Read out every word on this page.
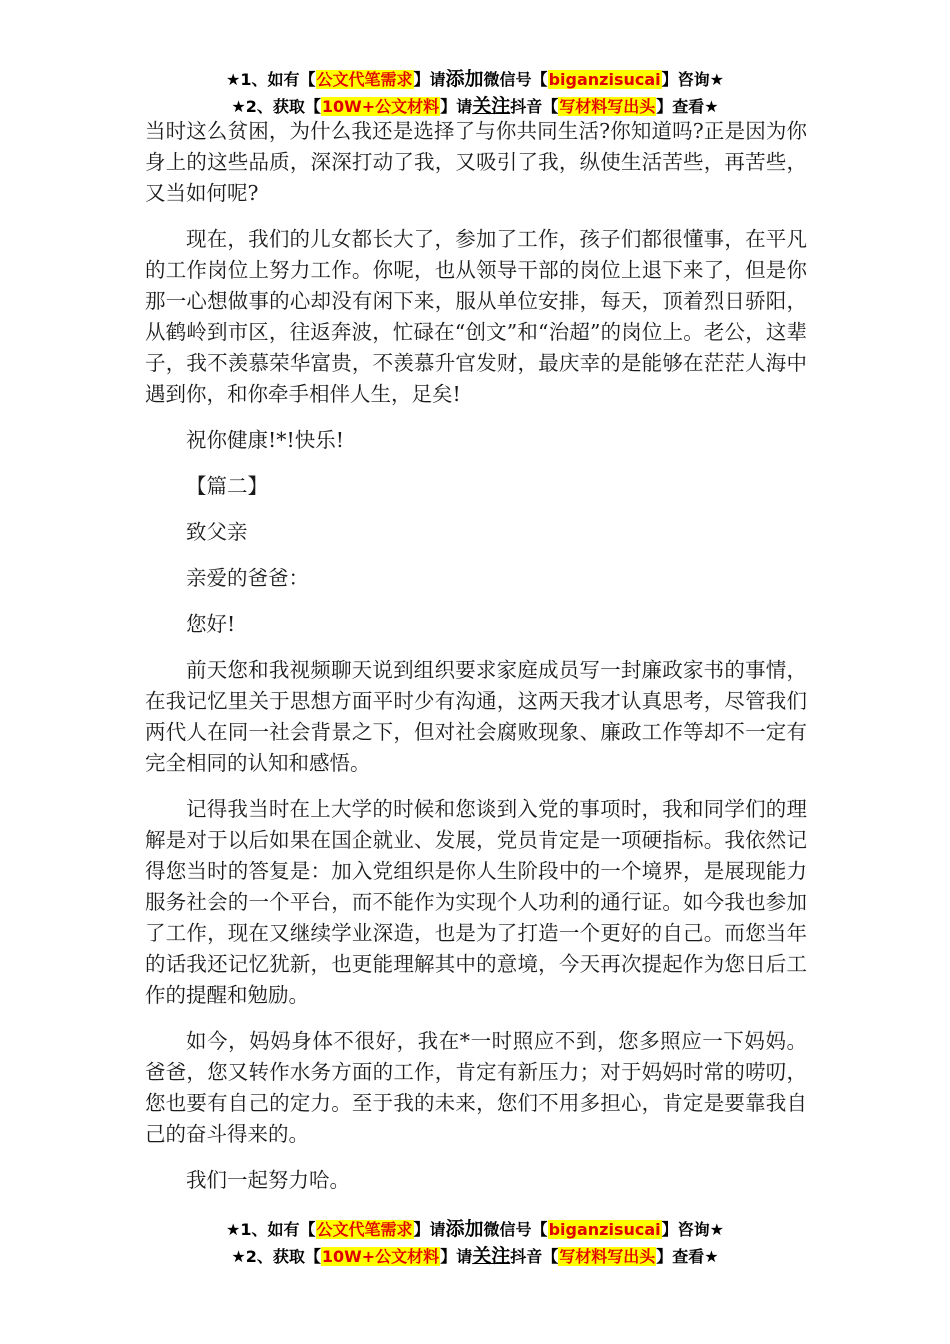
★1、如有【公文代笔需求】请添加微信号【biganzisucai】咨询★
★2、获取【10W+公文材料】请关注抖音【写材料写出头】查看★

当时这么贫困，为什么我还是选择了与你共同生活?你知道吗?正是因为你身上的这些品质，深深打动了我，又吸引了我，纵使生活苦些，再苦些，又当如何呢?

现在，我们的儿女都长大了，参加了工作，孩子们都很懂事，在平凡的工作岗位上努力工作。你呢，也从领导干部的岗位上退下来了，但是你那一心想做事的心却没有闲下来，服从单位安排，每天，顶着烈日骄阳，从鹤岭到市区，往返奔波，忙碌在“创文”和“治超”的岗位上。老公，这辈子，我不羡慕荣华富贵，不羡慕升官发财，最庆幸的是能够在茫茫人海中遇到你，和你牵手相伴人生，足矣!

祝你健康!*!快乐!

【篇二】

致父亲

亲爱的爸爸：

您好!

前天您和我视频聊天说到组织要求家庭成员写一封廉政家书的事情，在我记忆里关于思想方面平时少有沟通，这两天我才认真思考，尽管我们两代人在同一社会背景之下，但对社会腐败现象、廉政工作等却不一定有完全相同的认知和感悟。

记得我当时在上大学的时候和您谈到入党的事项时，我和同学们的理解是对于以后如果在国企就业、发展，党员肯定是一项硬指标。我依然记得您当时的答复是：加入党组织是你人生阶段中的一个境界，是展现能力服务社会的一个平台，而不能作为实现个人功利的通行证。如今我也参加了工作，现在又继续学业深造，也是为了打造一个更好的自己。而您当年的话我还记忆犹新，也更能理解其中的意境，今天再次提起作为您日后工作的提醒和勉励。

如今，妈妈身体不很好，我在*一时照应不到，您多照应一下妈妈。爸爸，您又转作水务方面的工作，肯定有新压力；对于妈妈时常的唠叨，您也要有自己的定力。至于我的未来，您们不用多担心，肯定是要靠我自己的奋斗得来的。

我们一起努力哈。

★1、如有【公文代笔需求】请添加微信号【biganzisucai】咨询★
★2、获取【10W+公文材料】请关注抖音【写材料写出头】查看★
